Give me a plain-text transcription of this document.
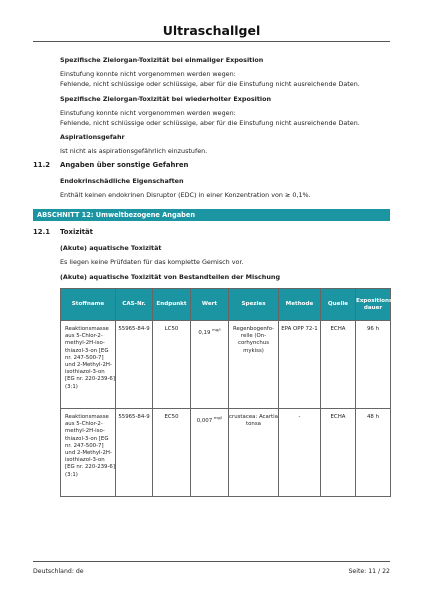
Ultraschallgel
Spezifische Zielorgan-Toxizität bei einmaliger Exposition
Einstufung konnte nicht vorgenommen werden wegen:
Fehlende, nicht schlüssige oder schlüssige, aber für die Einstufung nicht ausreichende Daten.
Spezifische Zielorgan-Toxizität bei wiederholter Exposition
Einstufung konnte nicht vorgenommen werden wegen:
Fehlende, nicht schlüssige oder schlüssige, aber für die Einstufung nicht ausreichende Daten.
Aspirationsgefahr
Ist nicht als aspirationsgefährlich einzustufen.
11.2 Angaben über sonstige Gefahren
Endokrinschädliche Eigenschaften
Enthält keinen endokrinen Disruptor (EDC) in einer Konzentration von ≥ 0,1%.
ABSCHNITT 12: Umweltbezogene Angaben
12.1 Toxizität
(Akute) aquatische Toxizität
Es liegen keine Prüfdaten für das komplette Gemisch vor.
(Akute) aquatische Toxizität von Bestandteilen der Mischung
Stoffname	CAS-Nr.	Endpunkt	Wert	Spezies	Methode	Quelle	Expositions-dauer
Reaktionsmasse aus 5-Chlor-2-methyl-2H-iso-thiazol-3-on [EG nr. 247-500-7] und 2-Methyl-2H-isothiazol-3-on [EG nr. 220-239-6] (3:1)	55965-84-9	LC50	0,19 $^{mg/l}$	Regenbogenfo-relle (On-corhynchus mykiss)	EPA OPP 72-1	ECHA	96 h
Reaktionsmasse aus 5-Chlor-2-methyl-2H-iso-thiazol-3-on [EG nr. 247-500-7] und 2-Methyl-2H-isothiazol-3-on [EG nr. 220-239-6] (3:1)	55965-84-9	EC50	0,007 $^{mg/l}$	crustacea: Acartia tonsa	-	ECHA	48 h
Deutschland: de	Seite: 11 / 22
